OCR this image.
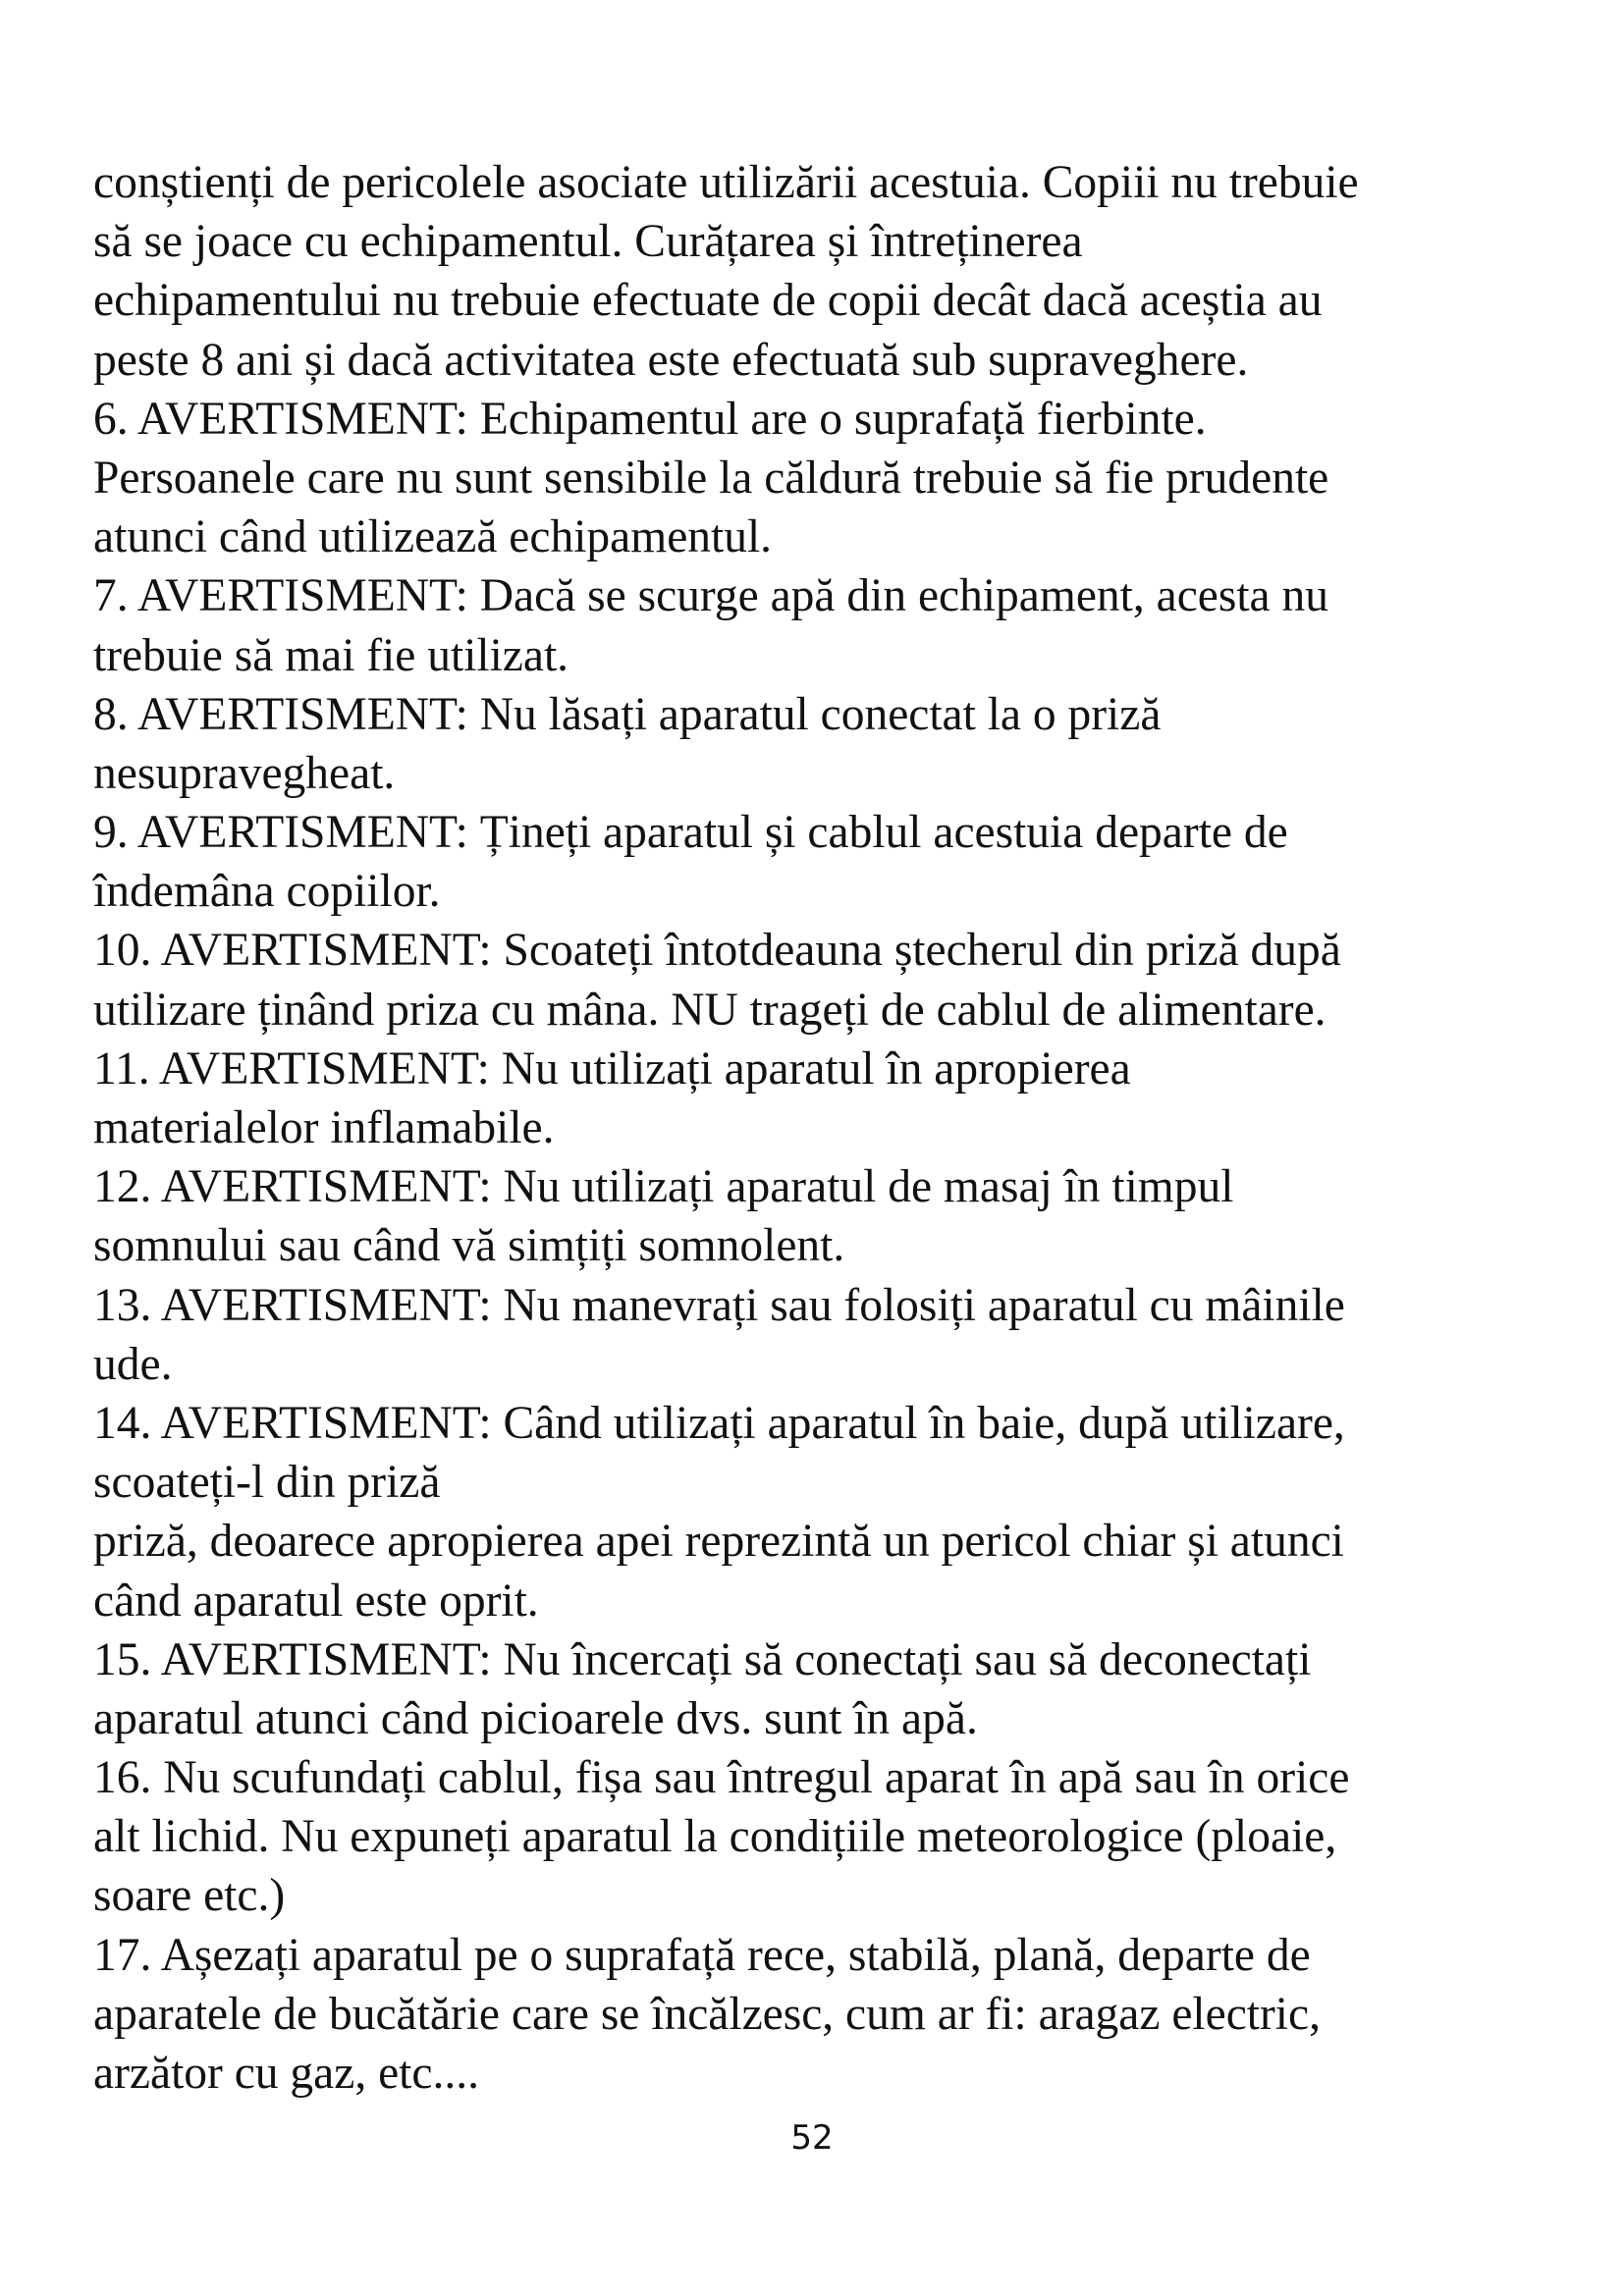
conștienți de pericolele asociate utilizării acestuia. Copiii nu trebuie
să se joace cu echipamentul. Curățarea și întreținerea
echipamentului nu trebuie efectuate de copii decât dacă aceștia au
peste 8 ani și dacă activitatea este efectuată sub supraveghere.
6. AVERTISMENT: Echipamentul are o suprafață fierbinte.
Persoanele care nu sunt sensibile la căldură trebuie să fie prudente
atunci când utilizează echipamentul.
7. AVERTISMENT: Dacă se scurge apă din echipament, acesta nu
trebuie să mai fie utilizat.
8. AVERTISMENT: Nu lăsați aparatul conectat la o priză
nesupravegheat.
9. AVERTISMENT: Țineți aparatul și cablul acestuia departe de
îndemâna copiilor.
10. AVERTISMENT: Scoateți întotdeauna ștecherul din priză după
utilizare ținând priza cu mâna. NU trageți de cablul de alimentare.
11. AVERTISMENT: Nu utilizați aparatul în apropierea
materialelor inflamabile.
12. AVERTISMENT: Nu utilizați aparatul de masaj în timpul
somnului sau când vă simțiți somnolent.
13. AVERTISMENT: Nu manevrați sau folosiți aparatul cu mâinile
ude.
14. AVERTISMENT: Când utilizați aparatul în baie, după utilizare,
scoateți-l din priză
priză, deoarece apropierea apei reprezintă un pericol chiar și atunci
când aparatul este oprit.
15. AVERTISMENT: Nu încercați să conectați sau să deconectați
aparatul atunci când picioarele dvs. sunt în apă.
16. Nu scufundați cablul, fișa sau întregul aparat în apă sau în orice
alt lichid. Nu expuneți aparatul la condițiile meteorologice (ploaie,
soare etc.)
17. Așezați aparatul pe o suprafață rece, stabilă, plană, departe de
aparatele de bucătărie care se încălzesc, cum ar fi: aragaz electric,
arzător cu gaz, etc....
52
